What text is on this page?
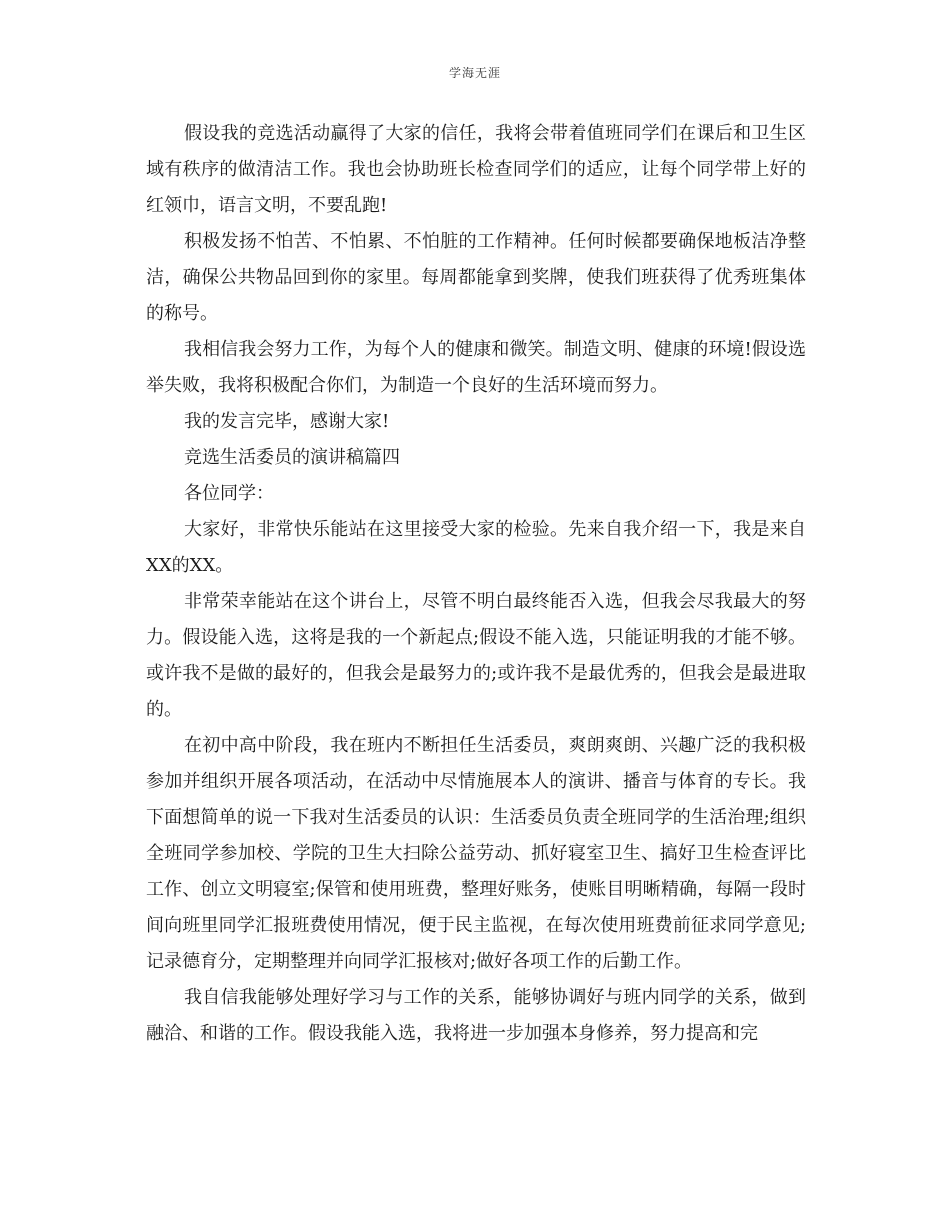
学海无涯

假设我的竞选活动赢得了大家的信任，我将会带着值班同学们在课后和卫生区域有秩序的做清洁工作。我也会协助班长检查同学们的适应，让每个同学带上好的红领巾，语言文明，不要乱跑!

积极发扬不怕苦、不怕累、不怕脏的工作精神。任何时候都要确保地板洁净整洁，确保公共物品回到你的家里。每周都能拿到奖牌，使我们班获得了优秀班集体的称号。

我相信我会努力工作，为每个人的健康和微笑。制造文明、健康的环境!假设选举失败，我将积极配合你们，为制造一个良好的生活环境而努力。

我的发言完毕，感谢大家!

竞选生活委员的演讲稿篇四

各位同学：

大家好，非常快乐能站在这里接受大家的检验。先来自我介绍一下，我是来自XX的XX。

非常荣幸能站在这个讲台上，尽管不明白最终能否入选，但我会尽我最大的努力。假设能入选，这将是我的一个新起点;假设不能入选，只能证明我的才能不够。或许我不是做的最好的，但我会是最努力的;或许我不是最优秀的，但我会是最进取的。

在初中高中阶段，我在班内不断担任生活委员，爽朗爽朗、兴趣广泛的我积极参加并组织开展各项活动，在活动中尽情施展本人的演讲、播音与体育的专长。我下面想简单的说一下我对生活委员的认识：生活委员负责全班同学的生活治理;组织全班同学参加校、学院的卫生大扫除公益劳动、抓好寝室卫生、搞好卫生检查评比工作、创立文明寝室;保管和使用班费，整理好账务，使账目明晰精确，每隔一段时间向班里同学汇报班费使用情况，便于民主监视，在每次使用班费前征求同学意见;记录德育分，定期整理并向同学汇报核对;做好各项工作的后勤工作。

我自信我能够处理好学习与工作的关系，能够协调好与班内同学的关系，做到融洽、和谐的工作。假设我能入选，我将进一步加强本身修养，努力提高和完
